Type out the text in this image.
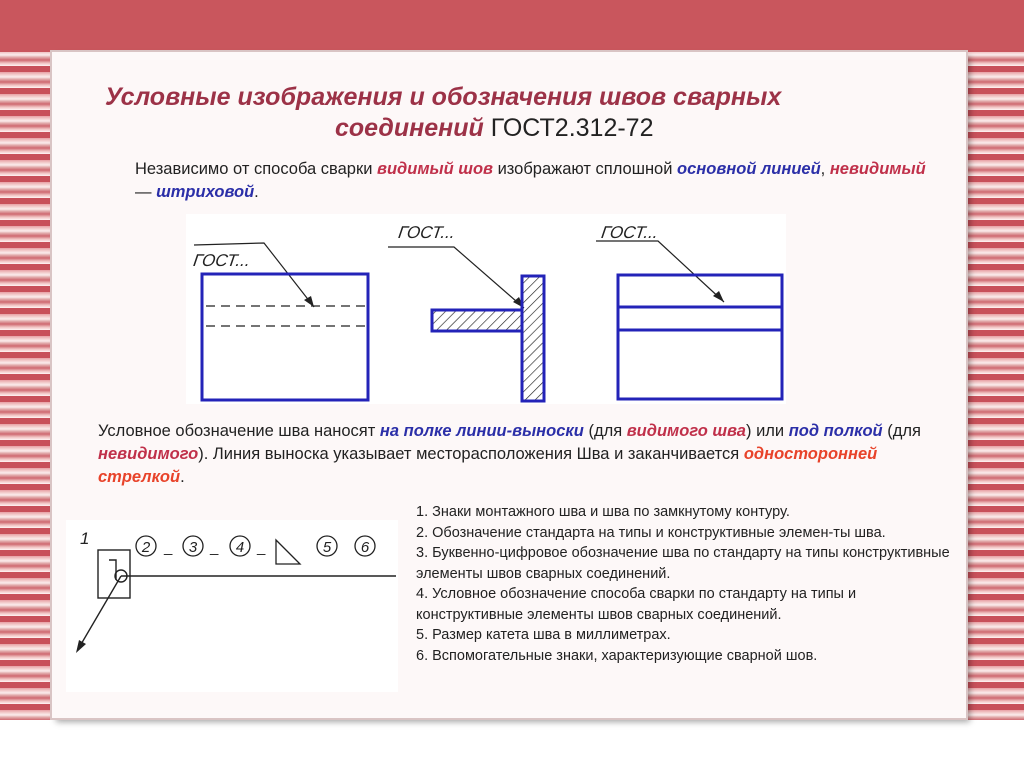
Условные изображения и обозначения швов сварных
соединений ГОСТ2.312-72
Независимо от способа сварки видимый шов изображают сплошной основной линией, невидимый — штриховой.
ГОСТ...
ГОСТ...	ГОСТ...
Условное обозначение шва наносят на полке линии-выноски (для видимого шва) или под полкой (для невидимого). Линия выноска указывает месторасположения Шва и заканчивается односторонней стрелкой.
1	2 _ 3 _ 4 _	5 6
1. Знаки монтажного шва и шва по замкнутому контуру.
2. Обозначение стандарта на типы и конструктивные элемен-ты шва.
3. Буквенно-цифровое обозначение шва по стандарту на типы конструктивные элементы швов сварных соединений.
4. Условное обозначение способа сварки по стандарту на типы и конструктивные элементы швов сварных соединений.
5. Размер катета шва в миллиметрах.
6. Вспомогательные знаки, характеризующие сварной шов.
